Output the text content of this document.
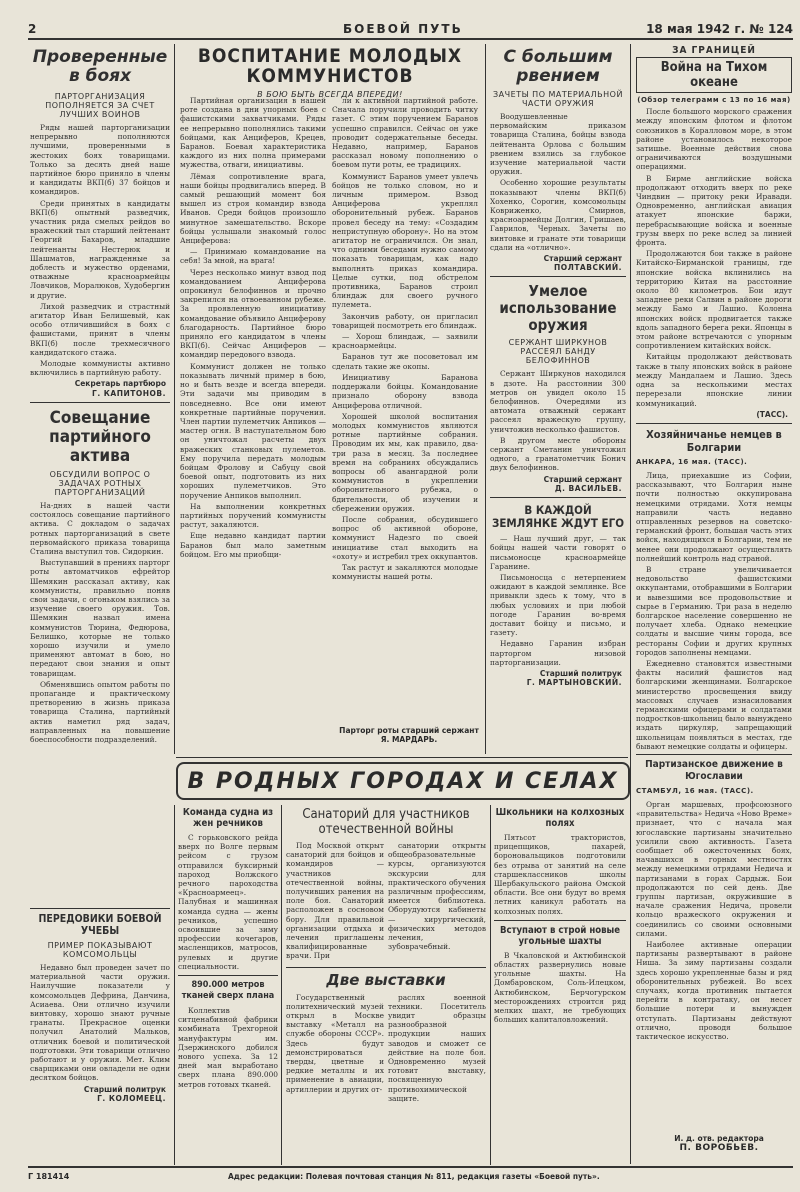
2	БОЕВОЙ ПУТЬ	18 мая 1942 г. № 124
Проверенные в боях
ПАРТОРГАНИЗАЦИЯ ПОПОЛНЯЕТСЯ ЗА СЧЕТ ЛУЧШИХ ВОИНОВ

Ряды нашей парторганизации непрерывно пополняются лучшими, проверенными в жестоких боях товарищами. Только за десять дней наше партийное бюро приняло в члены и кандидаты ВКП(б) 37 бойцов и командиров.

Среди принятых в кандидаты ВКП(б) опытный разведчик, участник ряда смелых рейдов во вражеский тыл старший лейтенант Георгий Бахаров, младшие лейтенанты Нестерюк и Шашматов, награжденные за доблесть и мужество орденами, отважные красноармейцы Ловчиков, Моралюков, Худобергин и другие.

Лихой разведчик и страстный агитатор Иван Белишевый, как особо отличившийся в боях с фашистами, принят в члены ВКП(б) после трехмесячного кандидатского стажа.

Молодые коммунисты активно включились в партийную работу.

Секретарь партбюро
Г. КАПИТОНОВ.
Совещание партийного актива
ОБСУДИЛИ ВОПРОС О ЗАДАЧАХ РОТНЫХ ПАРТОРГАНИЗАЦИЙ

На-днях в нашей части состоялось совещание партийного актива. С докладом о задачах ротных парторганизаций в свете первомайского приказа товарища Сталина выступил тов. Сидоркин.

Выступавший в прениях парторг роты автоматчиков ефрейтор Шемякин рассказал активу, как коммунисты, правильно поняв свои задачи, с огоньком взялись за изучение своего оружия. Тов. Шемякин назвал имена коммунистов Тюрина, Федюрова, Белишко, которые не только хорошо изучили и умело применяют автомат в бою, но передают свои знания и опыт товарищам.

Обменявшись опытом работы по пропаганде и практическому претворению в жизнь приказа товарища Сталина, партийный актив наметил ряд задач, направленных на повышение боеспособности подразделений.

ПЕРЕДОВИКИ БОЕВОЙ УЧЕБЫ
ПРИМЕР ПОКАЗЫВАЮТ КОМСОМОЛЬЦЫ

Недавно был проведен зачет по материальной части оружия. Наилучшие показатели у комсомольцев Дефрина, Данчина, Асиаева. Они отлично изучили винтовку, хорошо знают ручные гранаты. Прекрасное оценки получил Анатолий Мальков, отличник боевой и политической подготовки. Эти товарищи отлично работают и у оружия. Мет. Клим сварщиками они овладели не одни десятком бойцов.

Старший политрук
Г. КОЛОМЕЕЦ.
ВОСПИТАНИЕ МОЛОДЫХ КОММУНИСТОВ
В БОЮ БЫТЬ ВСЕГДА ВПЕРЕДИ!

Партийная организация в нашей роте создана в дни упорных боев с фашистскими захватчиками. Ряды ее непрерывно пополнялись такими бойцами, как Анциферов, Крецев, Баранов. Боевая характеристика каждого из них полна примерами мужества, отваги, инициативы.

Лёмая сопротивление врага, наши бойцы продвигались вперед. В самый решающий момент боя вышел из строя командир взвода Иванов. Среди бойцов произошло минутное замешательство. Вскоре бойцы услышали знакомый голос Анциферова:

— Принимаю командование на себя! За мной, на врага!

Через несколько минут взвод под командованием Анциферова опрокинул белофиннов и прочно закрепился на отвоеванном рубеже. За проявленную инициативу командование объявило Анциферову благодарность. Партийное бюро приняло его кандидатом в члены ВКП(б). Сейчас Анциферов — командир передового взвода.

Коммунист должен не только показывать личный пример в бою, но и быть везде и всегда впереди. Эти задачи мы приводим в повседневно. Все они имеют конкретные партийные поручения. Член партии пулеметчик Анпиков — мастер огня. В наступательном бою он уничтожал расчеты двух вражеских станковых пулеметов. Ему поручила передать молодым бойцам Фролову и Сабуцу свой боевой опыт, подготовить из них хороших пулеметчиков. Это поручение Анпиков выполнил.

На выполнении конкретных партийных поручений коммунисты растут, закаляются.

Еще недавно кандидат партии Баранов был мало заметным бойцом. Его мы приобщи-

ли к активной партийной работе. Сначала поручили проводить читку газет. С этим поручением Баранов успешно справился. Сейчас он уже проводит содержательные беседы. Недавно, например, Баранов рассказал новому пополнению о боевом пути роты, ее традициях.

Коммунист Баранов умеет увлечь бойцов не только словом, но и личным примером. Взвод Анциферова укреплял оборонительный рубеж. Баранов провел беседу на тему: «Создадим неприступную оборону». Но на этом агитатор не ограничился. Он знал, что одними беседами нужно самому показать товарищам, как надо выполнять приказ командира. Целые сутки, под обстрелом противника, Баранов строил блиндаж для своего ручного пулемета.

Закончив работу, он пригласил товарищей посмотреть его блиндаж.

— Хорош блиндаж, — заявили красноармейцы.

Баранов тут же посоветовал им сделать такие же окопы.

Инициативу Баранова поддержали бойцы. Командование признало оборону взвода Анциферова отличной.

Хорошей школой воспитания молодых коммунистов являются ротные партийные собрания. Проводим их мы, как правило, два-три раза в месяц. За последнее время на собраниях обсуждались вопросы об авангардной роли коммунистов в укреплении оборонительного рубежа, о бдительности, об изучении и сбережении оружия.

После собрания, обсудившего вопрос об активной обороне, коммунист Надезго по своей инициативе стал выходить на «охоту» и истребил трех оккупантов.

Так растут и закаляются молодые коммунисты нашей роты.

Парторг роты старший сержант Я. МАРДАРЬ.
С большим рвением
ЗАЧЕТЫ ПО МАТЕРИАЛЬНОЙ ЧАСТИ ОРУЖИЯ

Воодушевленные первомайским приказом товарища Сталина, бойцы взвода лейтенанта Орлова с большим рвением взялись за глубокое изучение материальной части оружия.

Особенно хорошие результаты показывают члены ВКП(б) Хохенко, Сорогин, комсомольцы Ковриженко, Смирнов, красноармейцы Долгин, Гришаев, Гаврилов, Черных. Зачеты по винтовке и гранате эти товарищи сдали на «отлично».

Старший сержант
ПОЛТАВСКИЙ.
Умелое использование оружия
СЕРЖАНТ ШИРКУНОВ РАССЕЯЛ БАНДУ БЕЛОФИННОВ

Сержант Ширкунов находился в дзоте. На расстоянии 300 метров он увидел около 15 белофиннов. Очередями из автомата отважный сержант рассеял вражескую группу, уничтожив несколько фашистов.

В другом месте обороны сержант Сметанин уничтожил одного, а гранатометчик Бонич двух белофиннов.

Старший сержант
Д. ВАСИЛЬЕВ.
В КАЖДОЙ ЗЕМЛЯНКЕ ЖДУТ ЕГО

— Наш лучший друг, — так бойцы нашей части говорят о письмоносце красноармейце Гаранине.

Письмоносца с нетерпением ожидают в каждой землянке. Все привыкли здесь к тому, что в любых условиях и при любой погоде Гаранин во-время доставит бойцу и письмо, и газету.

Недавно Гаранин избран парторгом низовой парторганизации.

Старший политрук
Г. МАРТЫНОВСКИЙ.
ЗА ГРАНИЦЕЙ
Война на Тихом океане
(Обзор телеграмм с 13 по 16 мая)

После большого морского сражения между японским флотом и флотом союзников в Коралловом море, в этом районе установилось некоторое затишье. Военные действия снова ограничиваются воздушными операциями.

В Бирме английские войска продолжают отходить вверх по реке Чиндвин — притоку реки Иравади. Одновременно, английская авиация атакует японские баржи, перебрасывающие войска и военные грузы вверх по реке вслед за линией фронта.

Продолжаются бои также в районе Китайско-Бирманской границы, где японские войска вклинились на территорию Китая на расстояние около 80 километров. Бои идут западнее реки Салвин в районе дороги между Бамо и Лашио. Колонна японских войск продвигается также вдоль западного берега реки. Японцы в этом районе встречаются с упорным сопротивлением китайских войск.

Китайцы продолжают действовать также в тылу японских войск в районе между Мандалаем и Лашио. Здесь одна за несколькими местах перерезали японские линии коммуникаций.

(ТАСС).
Хозяйничанье немцев в Болгарии
АНКАРА, 16 мая. (ТАСС).

Лица, приехавшие из Софии, рассказывают, что Болгария ныне почти полностью оккупирована немецкими отрядами. Хотя немцы направили часть недавно отправленных резервов на советско-германский фронт, большая часть этих войск, находящихся в Болгарии, тем не менее они продолжают осуществлять полнейший контроль над страной.

В стране увеличивается недовольство фашистскими оккупантами, отобравшими в Болгарии и вывезшими все продовольствие и сырье в Германию. Три раза в неделю болгарское население совершенно не получает хлеба. Однако немецкие солдаты и высшие чины города, все рестораны Софии и других крупных городов заполнены немцами.

Ежедневно становятся известными факты насилий фашистов над болгарскими женщинами. Болгарское министерство просвещения ввиду массовых случаев изнасилования германскими офицерами и солдатами подростков-школьниц было вынуждено издать циркуляр, запрещающий школьницам появляться в местах, где бывают немецкие солдаты и офицеры.

Партизанское движение в Югославии
СТАМБУЛ, 16 мая. (ТАСС).

Орган маршевых, профсоюзного «правительства» Недича «Ново Време» признает, что с начала мая югославские партизаны значительно усилили свою активность. Газета сообщает об ожесточенных боях, начавшихся в горных местностях между немецкими отрядами Недича и партизанами в горах Сардыж. Бои продолжаются по сей день. Две группы партизан, окружившие в начале сражения Недича, провели кольцо вражеского окружения и соединились со своими основными силами.

Наиболее активные операции партизаны развертывают в районе Ниша. За зиму партизаны создали здесь хорошо укрепленные базы и ряд оборонительных рубежей. Во всех случаях, когда противник пытается перейти в контратаку, он несет большие потери и вынужден отступать. Партизаны действуют отлично, проводя большое тактическое искусство.

И. д. отв. редактора
П. ВОРОБЬЕВ.
В РОДНЫХ ГОРОДАХ И СЕЛАХ
Команда судна из жен речников

С горьковского рейда вверх по Волге первым рейсом с грузом отправился буксирный пароход Волжского речного пароходства «Красноармеец». Палубная и машинная команда судна — жены речников, успешно освоившие за зиму профессии кочегаров, масленщиков, матросов, рулевых и другие специальности.

890.000 метров тканей сверх плана

Коллектив ситценабивной фабрики комбината Трехгорной мануфактуры им. Дзержинского добился нового успеха. За 12 дней мая выработано сверх плана 890.000 метров готовых тканей.

Санаторий для участников отечественной войны

Под Москвой открыт санаторий для бойцов и командиров — участников отечественной войны, получивших ранения на поле боя. Санаторий расположен в сосновом бору. Для правильной организации отдыха и лечения приглашены квалифицированные врачи. При

санатории открыты общеобразовательные курсы, организуются экскурсии для практического обучения различным профессиям, имеется библиотека. Оборудуются кабинеты — хирургический, физических методов лечения, зубоврачебный.

Две выставки

Государственный политехнический музей открыл в Москве выставку «Металл на службе обороны СССР». Здесь будут демонстрироваться тверды, цветные и редкие металлы и их применение в авиации, артиллерии и других от-

раслях военной техники. Посетитель увидит образцы разнообразной продукции наших заводов и сможет се действие на поле боя. Одновременно музей готовит выставку, посвященную противохимической защите.

Школьники на колхозных полях

Пятьсот трактористов, прицепщиков, пахарей, бороновальщиков подготовили без отрыва от занятий на селе старшеклассников школы Шербакульского района Омской области. Все они будут во время летних каникул работать на колхозных полях.

Вступают в строй новые угольные шахты

В Чкаловской и Актюбинской областях развернулись новые угольные шахты. На Домбаровском, Соль-Илецком, Актюбинском, Берчогурском месторождениях строится ряд мелких шахт, не требующих больших капиталовложений.

Г 181414	Адрес редакции: Полевая почтовая станция № 811, редакция газеты «Боевой путь».
